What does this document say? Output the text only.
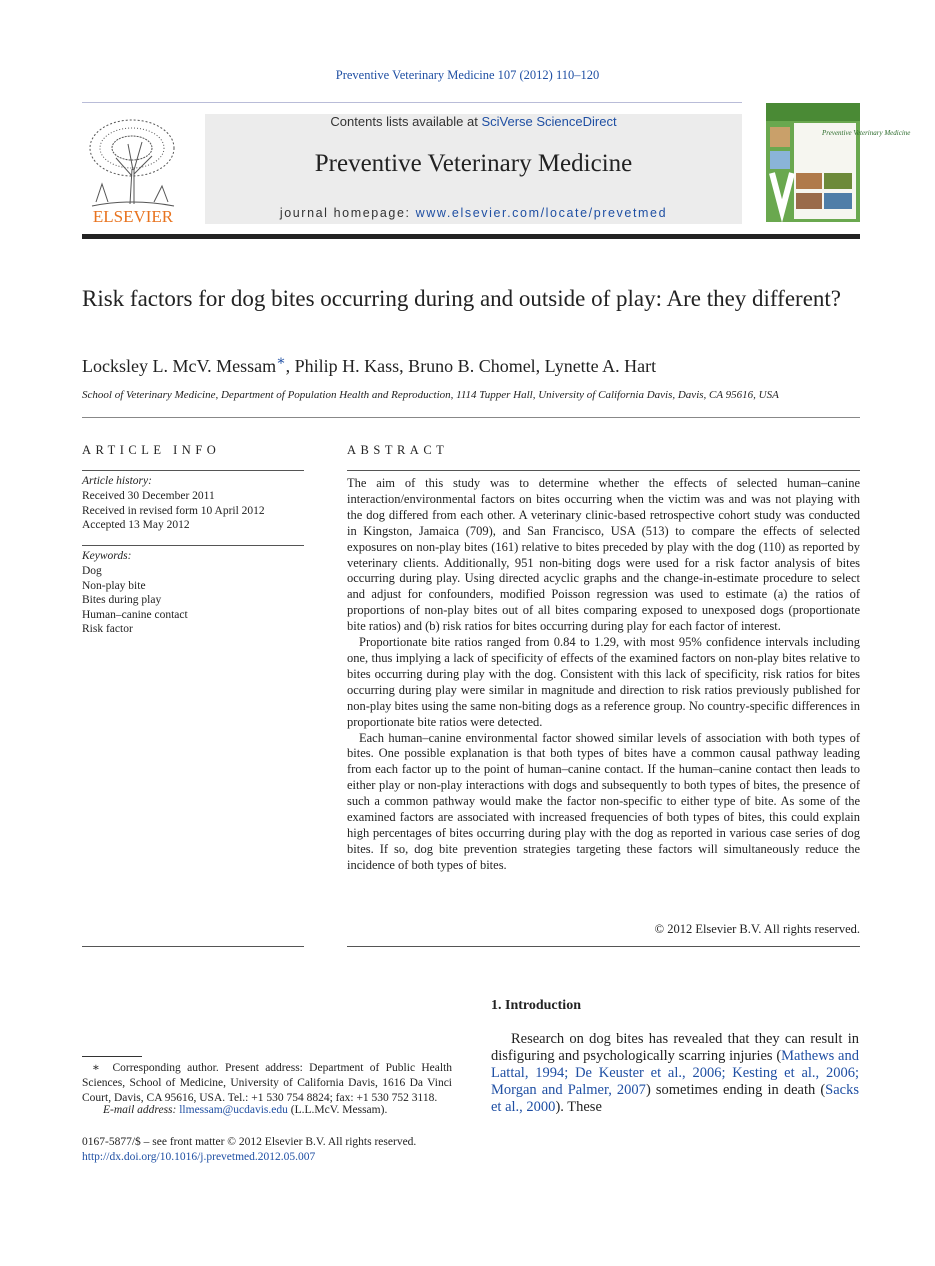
Preventive Veterinary Medicine 107 (2012) 110–120
ELSEVIER
Contents lists available at SciVerse ScienceDirect
Preventive Veterinary Medicine
journal homepage: www.elsevier.com/locate/prevetmed
Preventive Veterinary Medicine
Risk factors for dog bites occurring during and outside of play: Are they different?
Locksley L. McV. Messam∗, Philip H. Kass, Bruno B. Chomel, Lynette A. Hart
School of Veterinary Medicine, Department of Population Health and Reproduction, 1114 Tupper Hall, University of California Davis, Davis, CA 95616, USA
ARTICLE INFO
Article history:
Received 30 December 2011
Received in revised form 10 April 2012
Accepted 13 May 2012
Keywords:
Dog
Non-play bite
Bites during play
Human–canine contact
Risk factor
ABSTRACT

The aim of this study was to determine whether the effects of selected human–canine interaction/environmental factors on bites occurring when the victim was and was not playing with the dog differed from each other. A veterinary clinic-based retrospective cohort study was conducted in Kingston, Jamaica (709), and San Francisco, USA (513) to compare the effects of selected exposures on non-play bites (161) relative to bites preceded by play with the dog (110) as reported by veterinary clients. Additionally, 951 non-biting dogs were used for a risk factor analysis of bites occurring during play. Using directed acyclic graphs and the change-in-estimate procedure to select and adjust for confounders, modified Poisson regression was used to estimate (a) the ratios of proportions of non-play bites out of all bites comparing exposed to unexposed dogs (proportionate bite ratios) and (b) risk ratios for bites occurring during play for each factor of interest.

Proportionate bite ratios ranged from 0.84 to 1.29, with most 95% confidence intervals including one, thus implying a lack of specificity of effects of the examined factors on non-play bites relative to bites occurring during play with the dog. Consistent with this lack of specificity, risk ratios for bites occurring during play were similar in magnitude and direction to risk ratios previously published for non-play bites using the same non-biting dogs as a reference group. No country-specific differences in proportionate bite ratios were detected.

Each human–canine environmental factor showed similar levels of association with both types of bites. One possible explanation is that both types of bites have a common causal pathway leading from each factor up to the point of human–canine contact. If the human–canine contact then leads to either play or non-play interactions with dogs and subsequently to both types of bites, the presence of such a common pathway would make the factor non-specific to either type of bite. As some of the examined factors are associated with increased frequencies of both types of bites, this could explain high percentages of bites occurring during play with the dog as reported in various case series of dog bites. If so, dog bite prevention strategies targeting these factors will simultaneously reduce the incidence of both types of bites.

© 2012 Elsevier B.V. All rights reserved.
1. Introduction

Research on dog bites has revealed that they can result in disfiguring and psychologically scarring injuries (Mathews and Lattal, 1994; De Keuster et al., 2006; Kesting et al., 2006; Morgan and Palmer, 2007) sometimes ending in death (Sacks et al., 2000). These

∗ Corresponding author. Present address: Department of Public Health Sciences, School of Medicine, University of California Davis, 1616 Da Vinci Court, Davis, CA 95616, USA. Tel.: +1 530 754 8824; fax: +1 530 752 3118.

E-mail address: llmessam@ucdavis.edu (L.L.McV. Messam).
0167-5877/$ – see front matter © 2012 Elsevier B.V. All rights reserved.
http://dx.doi.org/10.1016/j.prevetmed.2012.05.007
